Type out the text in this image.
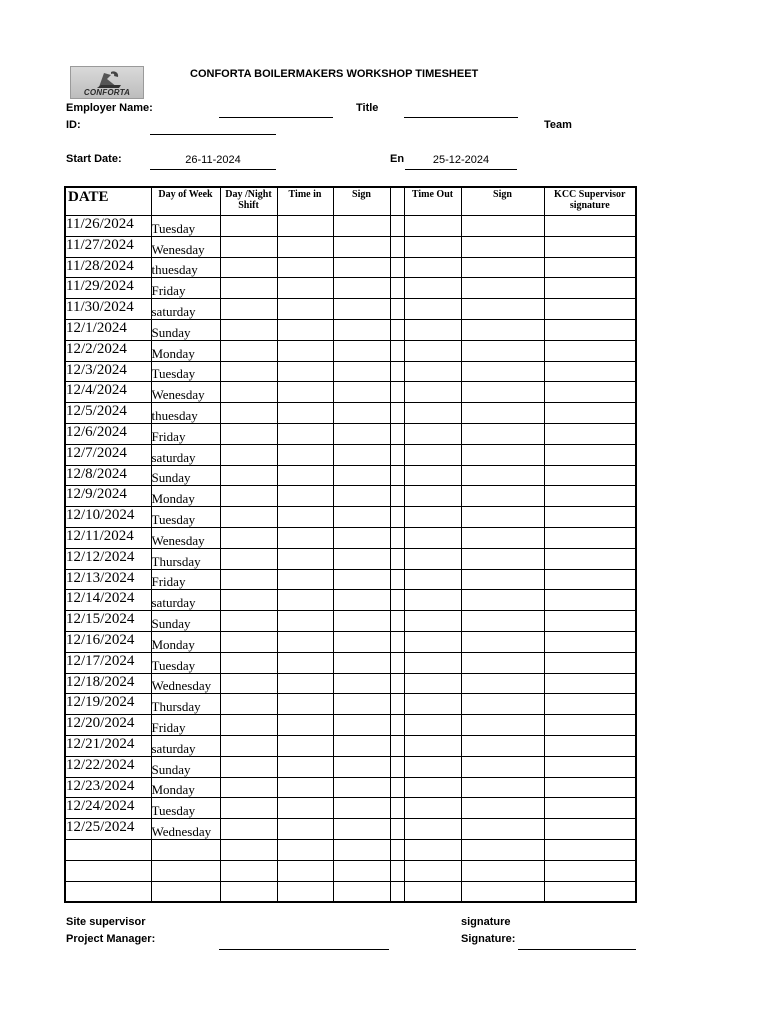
CONFORTA
CONFORTA BOILERMAKERS WORKSHOP TIMESHEET
Employer Name:	Title
ID:	Team
Start Date:	26-11-2024	En	25-12-2024
DATE	Day of Week	Day /Night Shift	Time in	Sign		Time Out	Sign	KCC Supervisor signature
11/26/2024	Tuesday							
11/27/2024	Wenesday							
11/28/2024	thuesday							
11/29/2024	Friday							
11/30/2024	saturday							
12/1/2024	Sunday							
12/2/2024	Monday							
12/3/2024	Tuesday							
12/4/2024	Wenesday							
12/5/2024	thuesday							
12/6/2024	Friday							
12/7/2024	saturday							
12/8/2024	Sunday							
12/9/2024	Monday							
12/10/2024	Tuesday							
12/11/2024	Wenesday							
12/12/2024	Thursday							
12/13/2024	Friday							
12/14/2024	saturday							
12/15/2024	Sunday							
12/16/2024	Monday							
12/17/2024	Tuesday							
12/18/2024	Wednesday							
12/19/2024	Thursday							
12/20/2024	Friday							
12/21/2024	saturday							
12/22/2024	Sunday							
12/23/2024	Monday							
12/24/2024	Tuesday							
12/25/2024	Wednesday							

Site supervisor	signature
Project Manager:	Signature:
